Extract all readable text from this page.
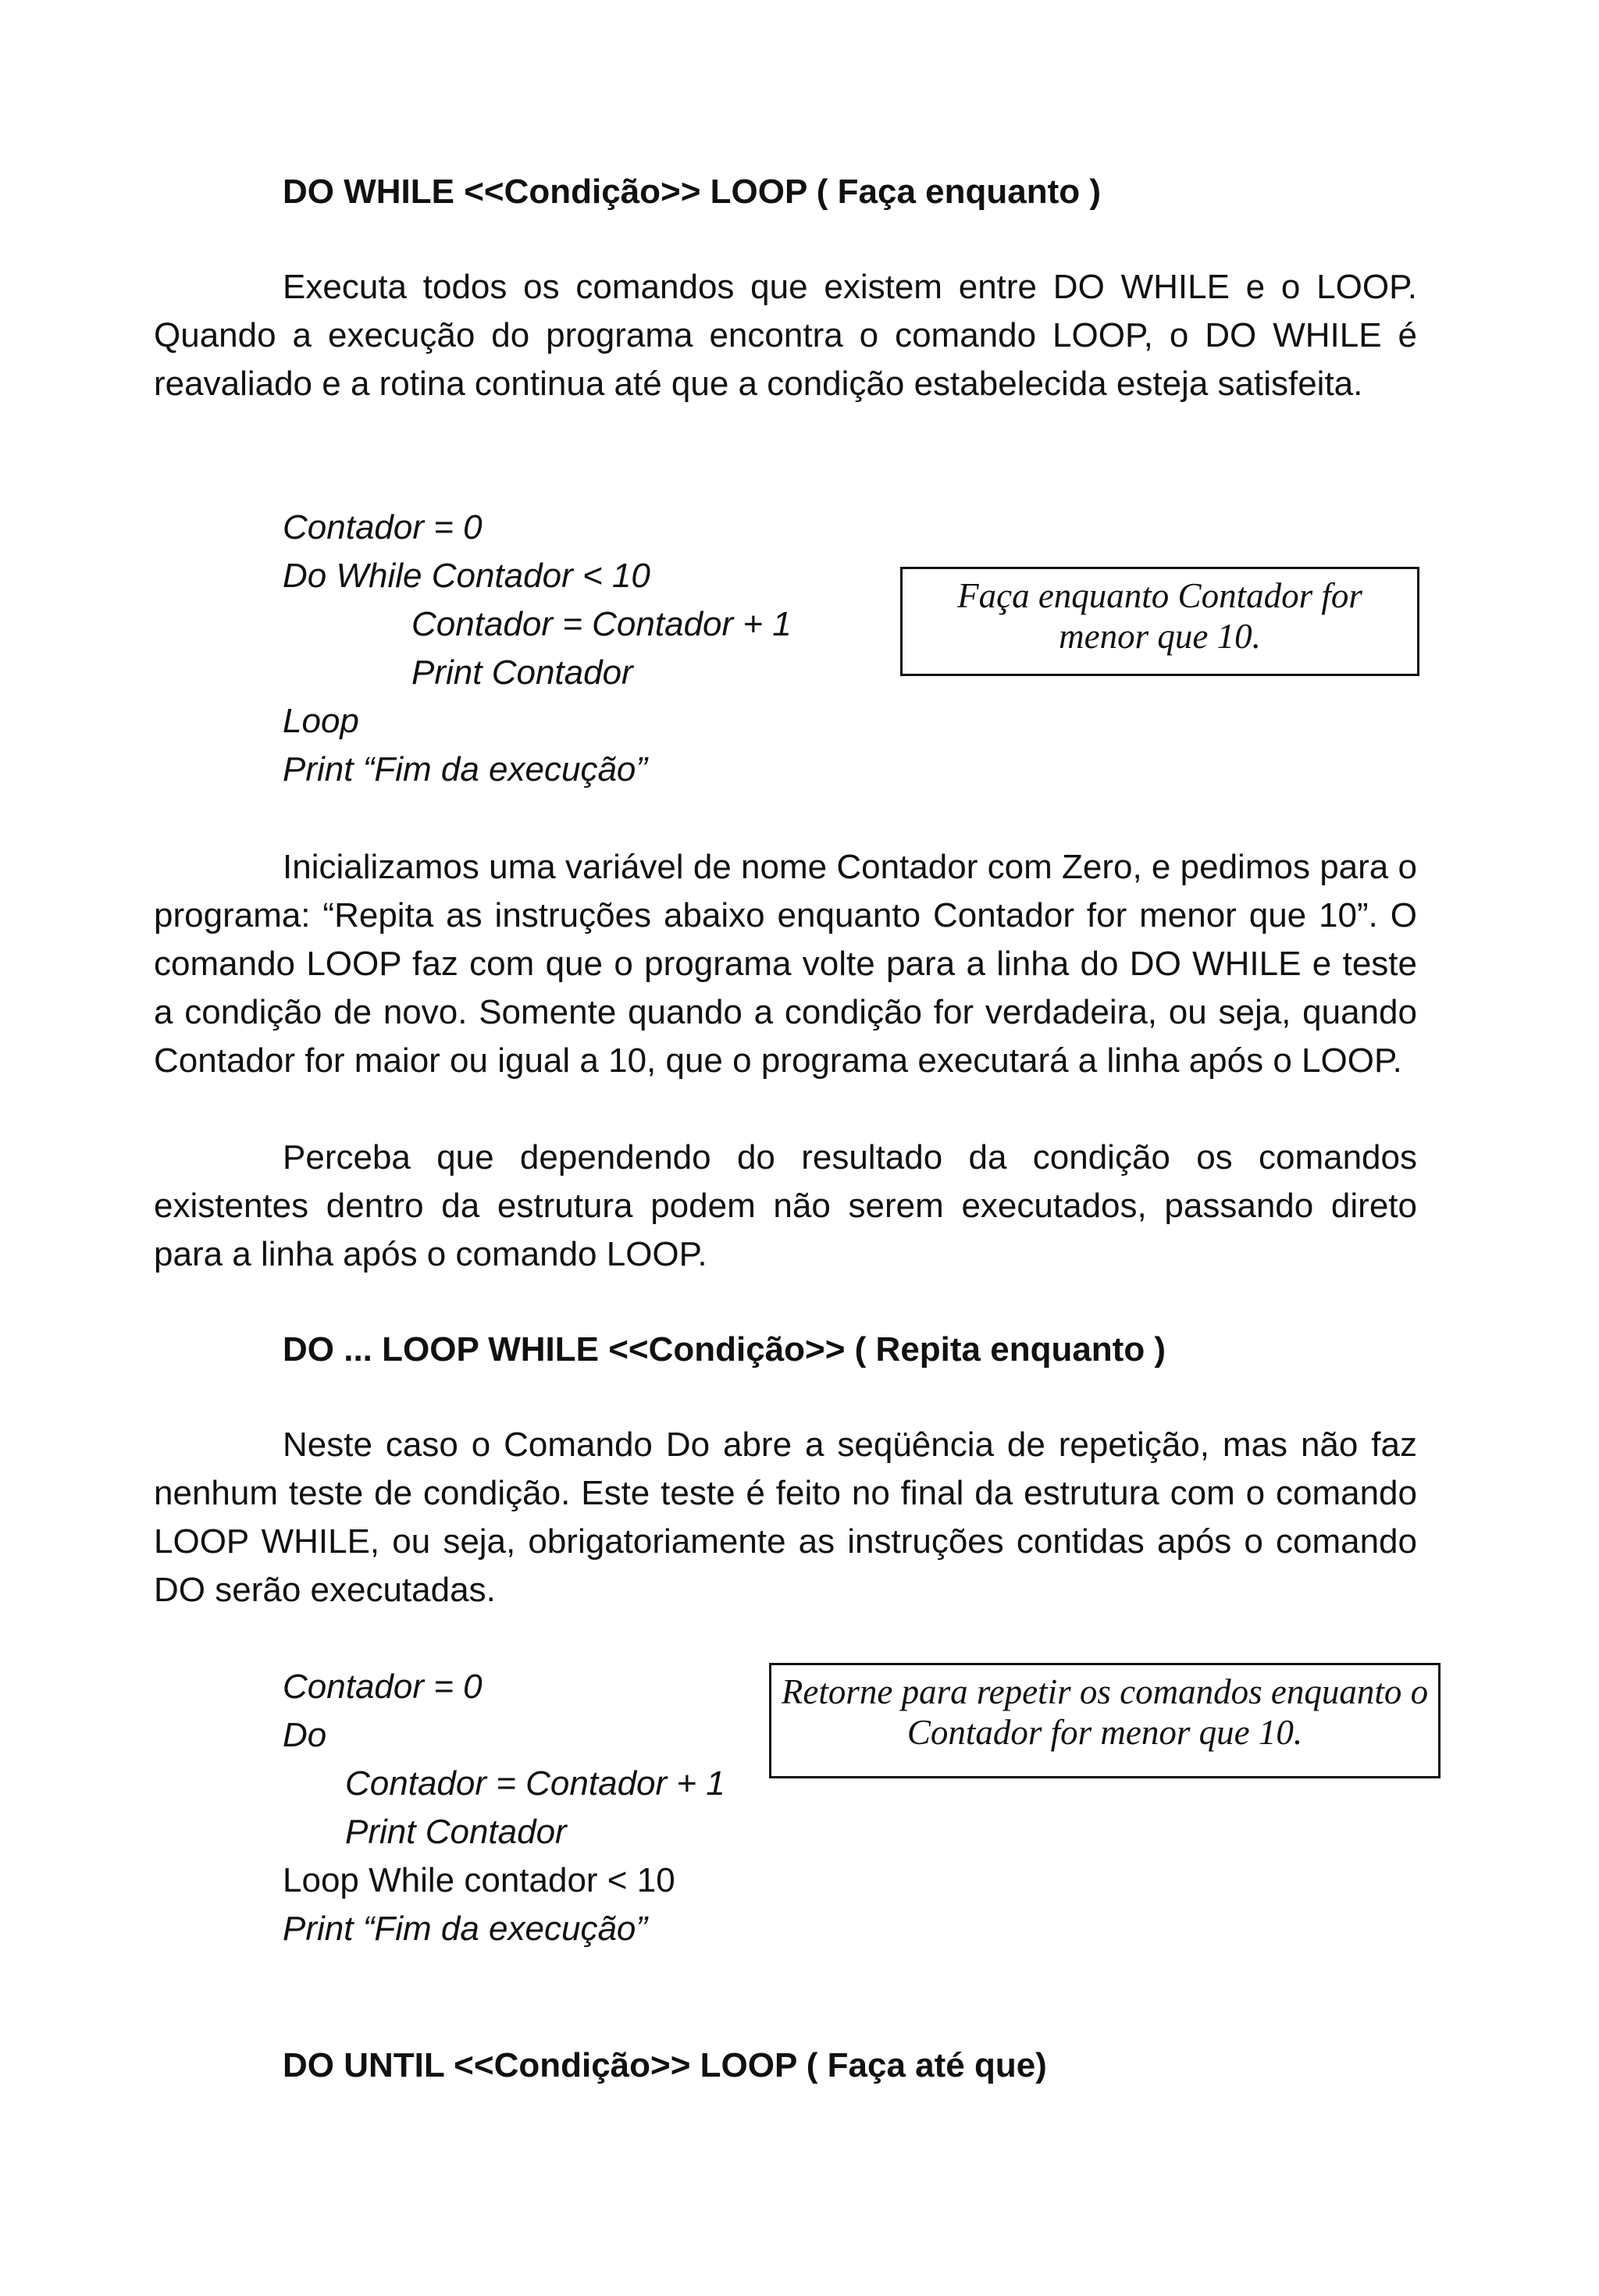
DO WHILE <<Condição>> LOOP ( Faça enquanto )

Executa todos os comandos que existem entre DO WHILE e o LOOP. Quando a execução do programa encontra o comando LOOP, o DO WHILE é reavaliado e a rotina continua até que a condição estabelecida esteja satisfeita.

Contador = 0
Do While Contador < 10
Contador = Contador + 1
Print Contador
Loop
Print “Fim da execução”
Faça enquanto Contador for menor que 10.

Inicializamos uma variável de nome Contador com Zero, e pedimos para o programa: “Repita as instruções abaixo enquanto Contador for menor que 10”. O comando LOOP faz com que o programa volte para a linha do DO WHILE e teste a condição de novo. Somente quando a condição for verdadeira, ou seja, quando Contador for maior ou igual a 10, que o programa executará a linha após o LOOP.

Perceba que dependendo do resultado da condição os comandos existentes dentro da estrutura podem não serem executados, passando direto para a linha após o comando LOOP.

DO ... LOOP WHILE <<Condição>> ( Repita enquanto )

Neste caso o Comando Do abre a seqüência de repetição, mas não faz nenhum teste de condição. Este teste é feito no final da estrutura com o comando LOOP WHILE, ou seja, obrigatoriamente as instruções contidas após o comando DO serão executadas.

Contador = 0
Do
Contador = Contador + 1
Print Contador
Loop While contador < 10
Print “Fim da execução”
Retorne para repetir os comandos enquanto o Contador for menor que 10.

DO UNTIL <<Condição>> LOOP ( Faça até que)
